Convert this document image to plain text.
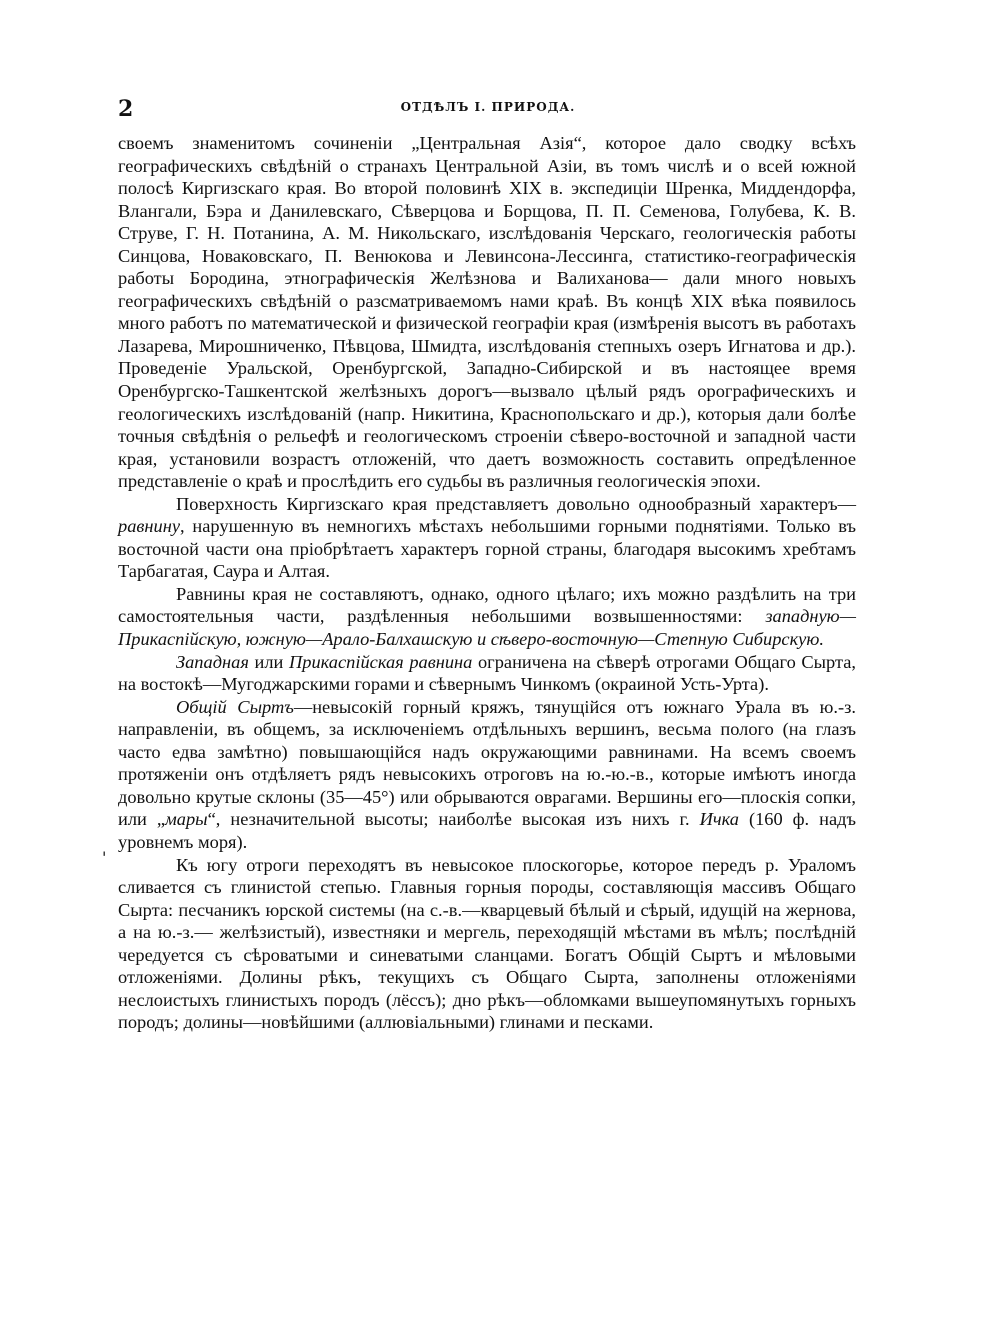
2	ОТДѢЛЪ I. ПРИРОДА.
'

своемъ знаменитомъ сочиненіи „Центральная Азія“, которое дало сводку всѣхъ географическихъ свѣдѣній о странахъ Центральной Азіи, въ томъ числѣ и о всей южной полосѣ Киргизскаго края. Во второй половинѣ XIX в. экспедиціи Шренка, Миддендорфа, Влангали, Бэра и Данилевскаго, Сѣверцова и Борщова, П. П. Семенова, Голубева, К. В. Струве, Г. Н. Потанина, А. М. Никольскаго, изслѣдованія Черскаго, геологическія работы Синцова, Новаковскаго, П. Венюкова и Левинсона-Лессинга, статистико-географическія работы Бородина, этнографическія Желѣзнова и Валиханова— дали много новыхъ географическихъ свѣдѣній о разсматриваемомъ нами краѣ. Въ концѣ XIX вѣка появилось много работъ по математической и физической географіи края (измѣренія высотъ въ работахъ Лазарева, Мирошниченко, Пѣвцова, Шмидта, изслѣдованія степныхъ озеръ Игнатова и др.). Проведеніе Уральской, Оренбургской, Западно-Сибирской и въ настоящее время Оренбургско-Ташкентской желѣзныхъ дорогъ—вызвало цѣлый рядъ орографическихъ и геологическихъ изслѣдованій (напр. Никитина, Краснопольскаго и др.), которыя дали болѣе точныя свѣдѣнія о рельефѣ и геологическомъ строеніи сѣверо-восточной и западной части края, установили возрастъ отложеній, что даетъ возможность составить опредѣленное представленіе о краѣ и прослѣдить его судьбы въ различныя геологическія эпохи.

Поверхность Киргизскаго края представляетъ довольно однообразный характеръ—равнину, нарушенную въ немногихъ мѣстахъ небольшими горными поднятіями. Только въ восточной части она пріобрѣтаетъ характеръ горной страны, благодаря высокимъ хребтамъ Тарбагатая, Саура и Алтая.

Равнины края не составляютъ, однако, одного цѣлаго; ихъ можно раздѣлить на три самостоятельныя части, раздѣленныя небольшими возвышенностями: западную—Прикаспійскую, южную—Арало-Балхашскую и сѣверо-восточную—Степную Сибирскую.

Западная или Прикаспійская равнина ограничена на сѣверѣ отрогами Общаго Сырта, на востокѣ—Мугоджарскими горами и сѣвернымъ Чинкомъ (окраиной Усть-Урта).

Общій Сыртъ—невысокій горный кряжъ, тянущійся отъ южнаго Урала въ ю.-з. направленіи, въ общемъ, за исключеніемъ отдѣльныхъ вершинъ, весьма полого (на глазъ часто едва замѣтно) повышающійся надъ окружающими равнинами. На всемъ своемъ протяженіи онъ отдѣляетъ рядъ невысокихъ отроговъ на ю.-ю.-в., которые имѣютъ иногда довольно крутые склоны (35—45°) или обрываются оврагами. Вершины его—плоскія сопки, или „мары“, незначительной высоты; наиболѣе высокая изъ нихъ г. Ичка (160 ф. надъ уровнемъ моря).

Къ югу отроги переходятъ въ невысокое плоскогорье, которое передъ р. Ураломъ сливается съ глинистой степью. Главныя горныя породы, составляющія массивъ Общаго Сырта: песчаникъ юрской системы (на с.-в.—кварцевый бѣлый и сѣрый, идущій на жернова, а на ю.-з.— желѣзистый), известняки и мергель, переходящій мѣстами въ мѣлъ; послѣдній чередуется съ сѣроватыми и синеватыми сланцами. Богатъ Общій Сыртъ и мѣловыми отложеніями. Долины рѣкъ, текущихъ съ Общаго Сырта, заполнены отложеніями неслоистыхъ глинистыхъ породъ (лёссъ); дно рѣкъ—обломками вышеупомянутыхъ горныхъ породъ; долины—новѣйшими (аллювіальными) глинами и песками.
